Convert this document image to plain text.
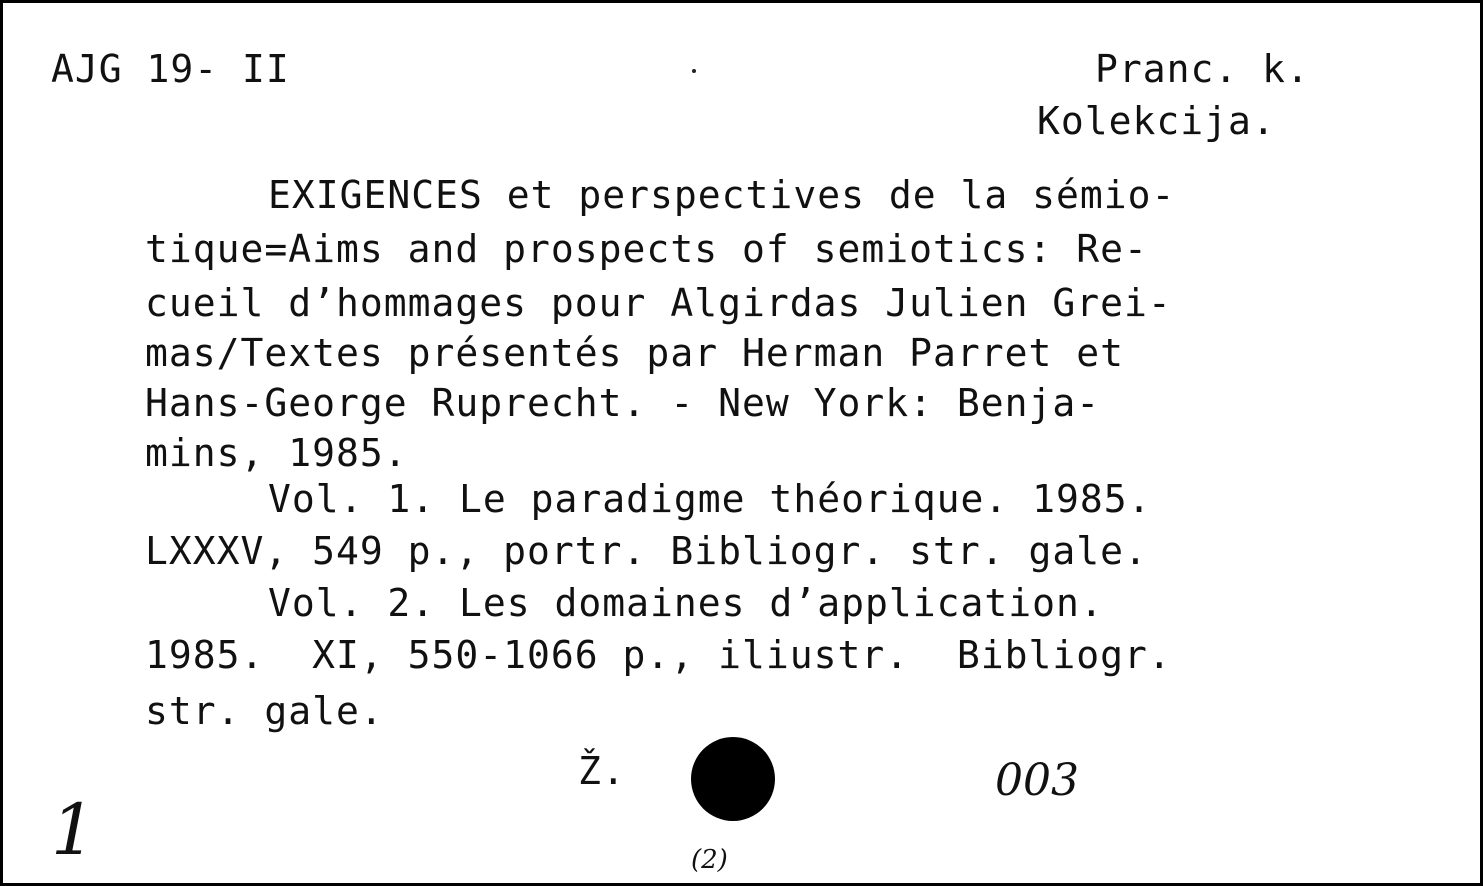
AJG 19- II	Pranc. k.
Kolekcija.
EXIGENCES et perspectives de la sémio-
tique=Aims and prospects of semiotics: Re-
cueil d’hommages pour Algirdas Julien Grei-
mas/Textes présentés par Herman Parret et
Hans-George Ruprecht. - New York: Benja-
mins, 1985.
Vol. 1. Le paradigme théorique. 1985.
LXXXV, 549 p., portr. Bibliogr. str. gale.
Vol. 2. Les domaines d’application.
1985.  XI, 550-1066 p., iliustr.  Bibliogr.
str. gale.
Ž.	003
1	(2)
